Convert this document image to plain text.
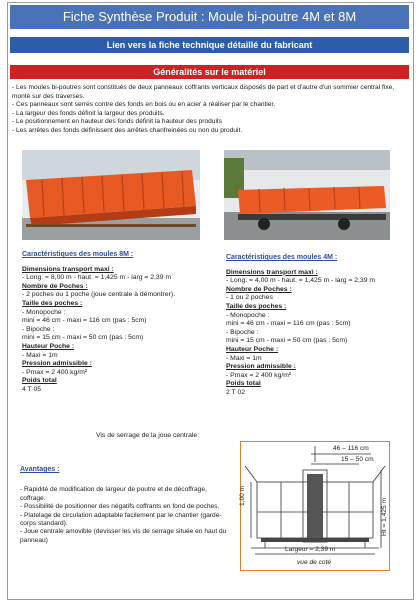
Fiche Synthèse Produit : Moule bi-poutre 4M et 8M
Lien vers la fiche technique détaillé du fabricant
Généralités sur le matériel
- Les moules bi-poutres sont constitués de deux panneaux coffrants verticaux disposés de part et d'autre d'un sommier central fixe, monté sur des traverses.
- Ces panneaux sont serrés contre des fonds en bois ou en acier à réaliser par le chantier.
- La largeur des fonds définit la largeur des produits.
- Le positionnement en hauteur des fonds définit la hauteur des produits
- Les arrêtes des fonds définissent des arrêtes chanfreinées ou non du produit.
Caractéristiques des moules 8M :
Dimensions transport maxi :
- Long. = 8,00 m - haut. = 1,425 m - larg = 2,39 m
Nombre de Poches :
- 2 poches ou 1 poche (joue centrale à démontrer).
Taille des poches :
- Monopoche :
mini = 46 cm - maxi = 116 cm (pas : 5cm)
- Bipoche :
mini = 15 cm - maxi = 50 cm (pas : 5cm)
Hauteur Poche :
- Maxi = 1m
Pression admissible :
- Pmax = 2 400 kg/m²
Poids total
4 T 05
Caractéristiques des moules 4M :
Dimensions transport maxi :
- Long. = 4,00 m - haut. = 1,425 m - larg = 2,39 m
Nombre de Poches :
- 1 ou 2 poches
Taille des poches :
- Monopoche :
mini = 46 cm - maxi = 116 cm (pas : 5cm)
- Bipoche :
mini = 15 cm - maxi = 50 cm (pas : 5cm)
Hauteur Poche :
- Maxi = 1m
Pression admissible :
- Pmax = 2 400 kg/m²
Poids total
2 T 02
Vis de serrage de la joue centrale
46 – 116 cm
15 – 50 cm
1,00 m
Ht = 1,425 m
Largeur = 2,39 m
vue de coté
Avantages :
- Rapidité de modification de largeur de poutre et de décoffrage, coffrage.
- Possibilité de positionner des négatifs coffrants en fond de poches.
- Platelage de circulation adaptable facilement par le chantier (garde-corps standard).
- Joue centrale amovible (devisser les vis de serrage située en haut du panneau)
